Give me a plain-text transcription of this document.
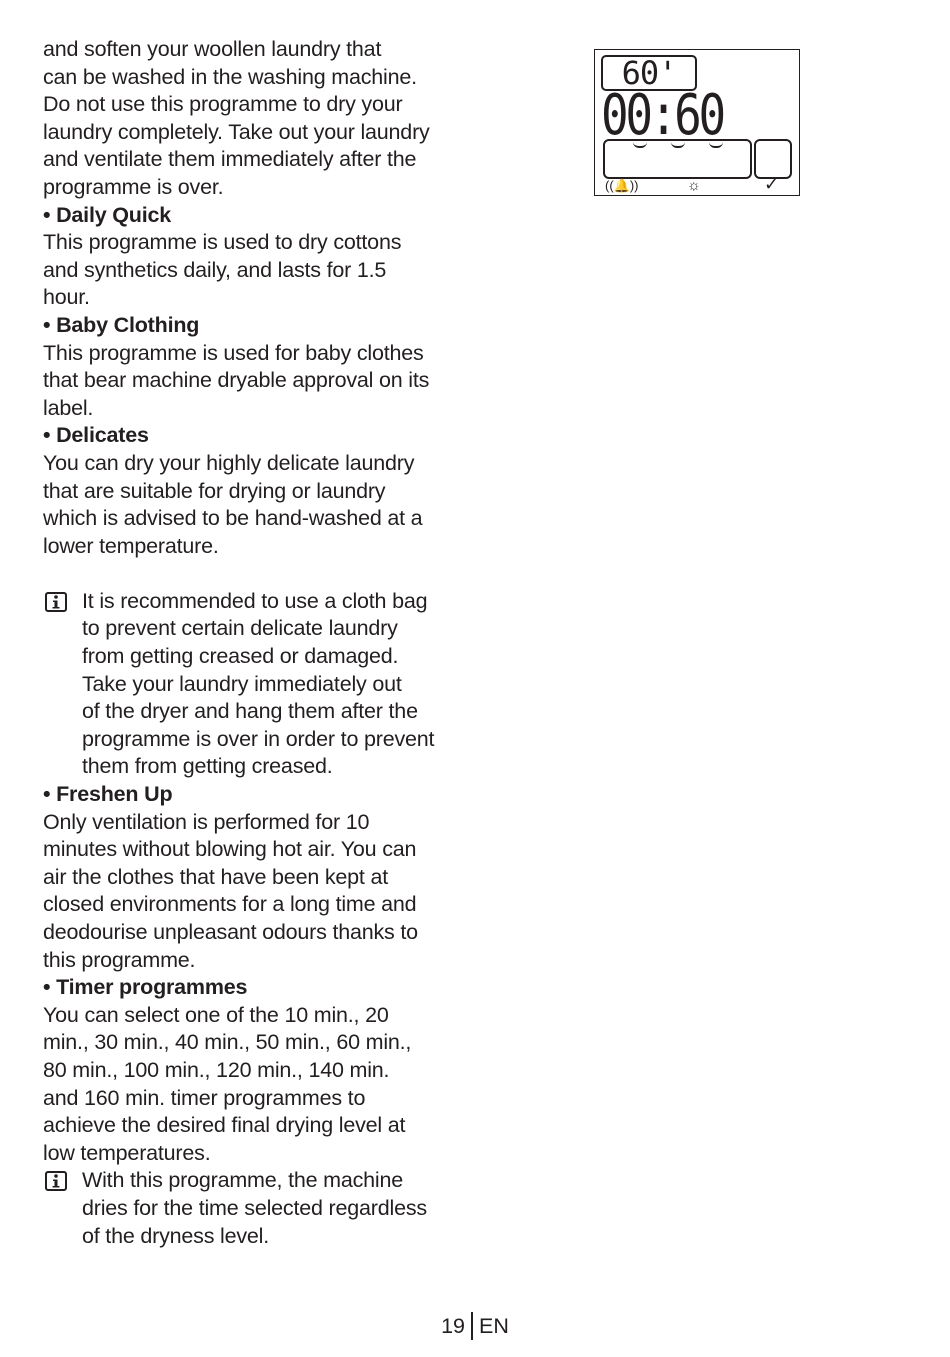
and soften your woollen laundry that

can be washed in the washing machine.

Do not use this programme to dry your

laundry completely. Take out your laundry

and ventilate them immediately after the

programme is over.

• Daily Quick

This programme is used to dry cottons

and synthetics daily, and lasts for 1.5

hour.

• Baby Clothing

This programme is used for baby clothes

that bear machine dryable approval on its

label.

• Delicates

You can dry your highly delicate laundry

that are suitable for drying or laundry

which is advised to be hand-washed at a

lower temperature.

It is recommended to use a cloth bag

to prevent certain delicate laundry

from getting creased or damaged.

Take your laundry immediately out

of the dryer and hang them after the

programme is over in order to prevent

them from getting creased.

• Freshen Up

Only ventilation is performed for 10

minutes without blowing hot air. You can

air the clothes that have been kept at

closed environments for a long time and

deodourise unpleasant odours thanks to

this programme.

• Timer programmes

You can select one of the 10 min., 20

min., 30 min., 40 min., 50 min., 60 min.,

80 min., 100 min., 120 min., 140 min.

and 160 min. timer programmes to

achieve the desired final drying level at

low temperatures.

With this programme, the machine

dries for the time selected regardless

of the dryness level.

60'
00:60
((🔔))	☼	✓
19 EN
